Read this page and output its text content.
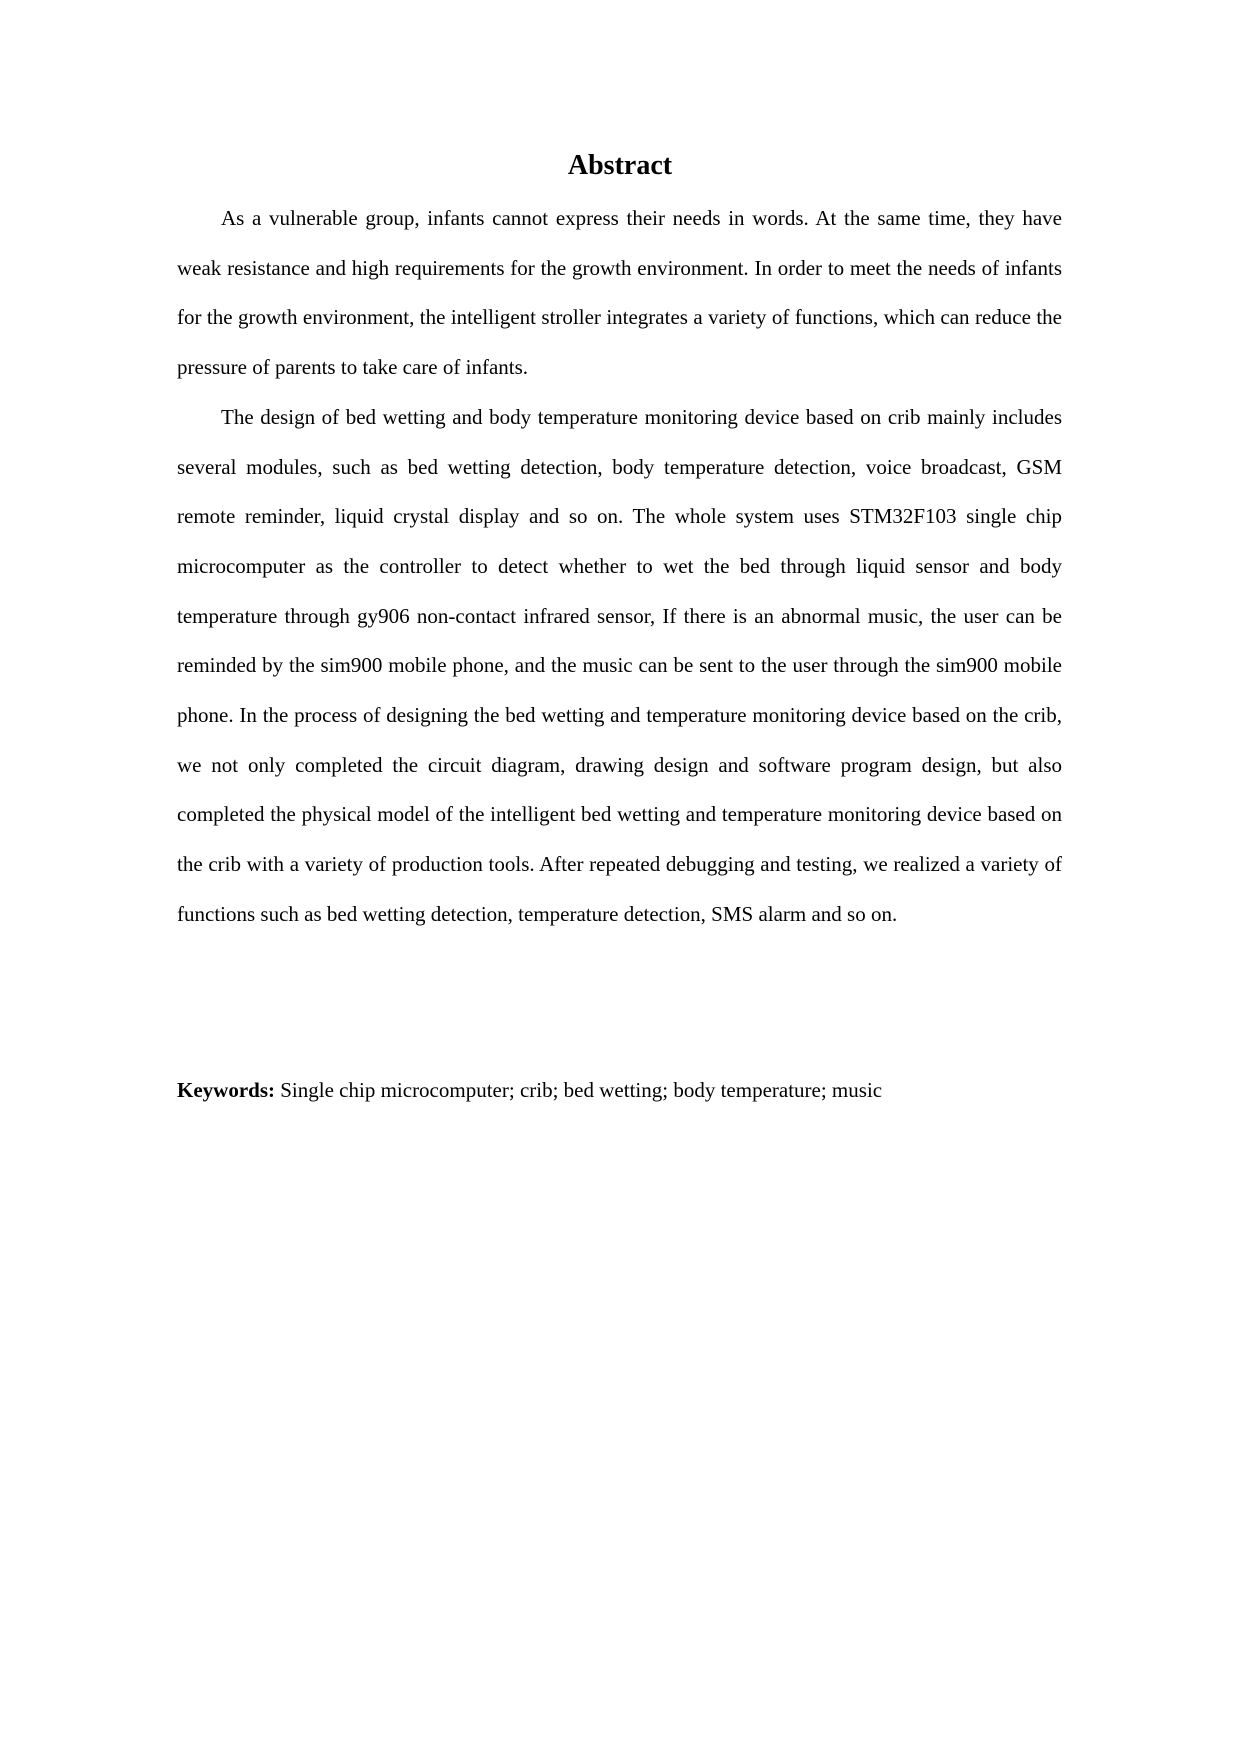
Abstract

As a vulnerable group, infants cannot express their needs in words. At the same time, they have weak resistance and high requirements for the growth environment. In order to meet the needs of infants for the growth environment, the intelligent stroller integrates a variety of functions, which can reduce the pressure of parents to take care of infants.

The design of bed wetting and body temperature monitoring device based on crib mainly includes several modules, such as bed wetting detection, body temperature detection, voice broadcast, GSM remote reminder, liquid crystal display and so on. The whole system uses STM32F103 single chip microcomputer as the controller to detect whether to wet the bed through liquid sensor and body temperature through gy906 non-contact infrared sensor, If there is an abnormal music, the user can be reminded by the sim900 mobile phone, and the music can be sent to the user through the sim900 mobile phone. In the process of designing the bed wetting and temperature monitoring device based on the crib, we not only completed the circuit diagram, drawing design and software program design, but also completed the physical model of the intelligent bed wetting and temperature monitoring device based on the crib with a variety of production tools. After repeated debugging and testing, we realized a variety of functions such as bed wetting detection, temperature detection, SMS alarm and so on.

Keywords: Single chip microcomputer; crib; bed wetting; body temperature; music
